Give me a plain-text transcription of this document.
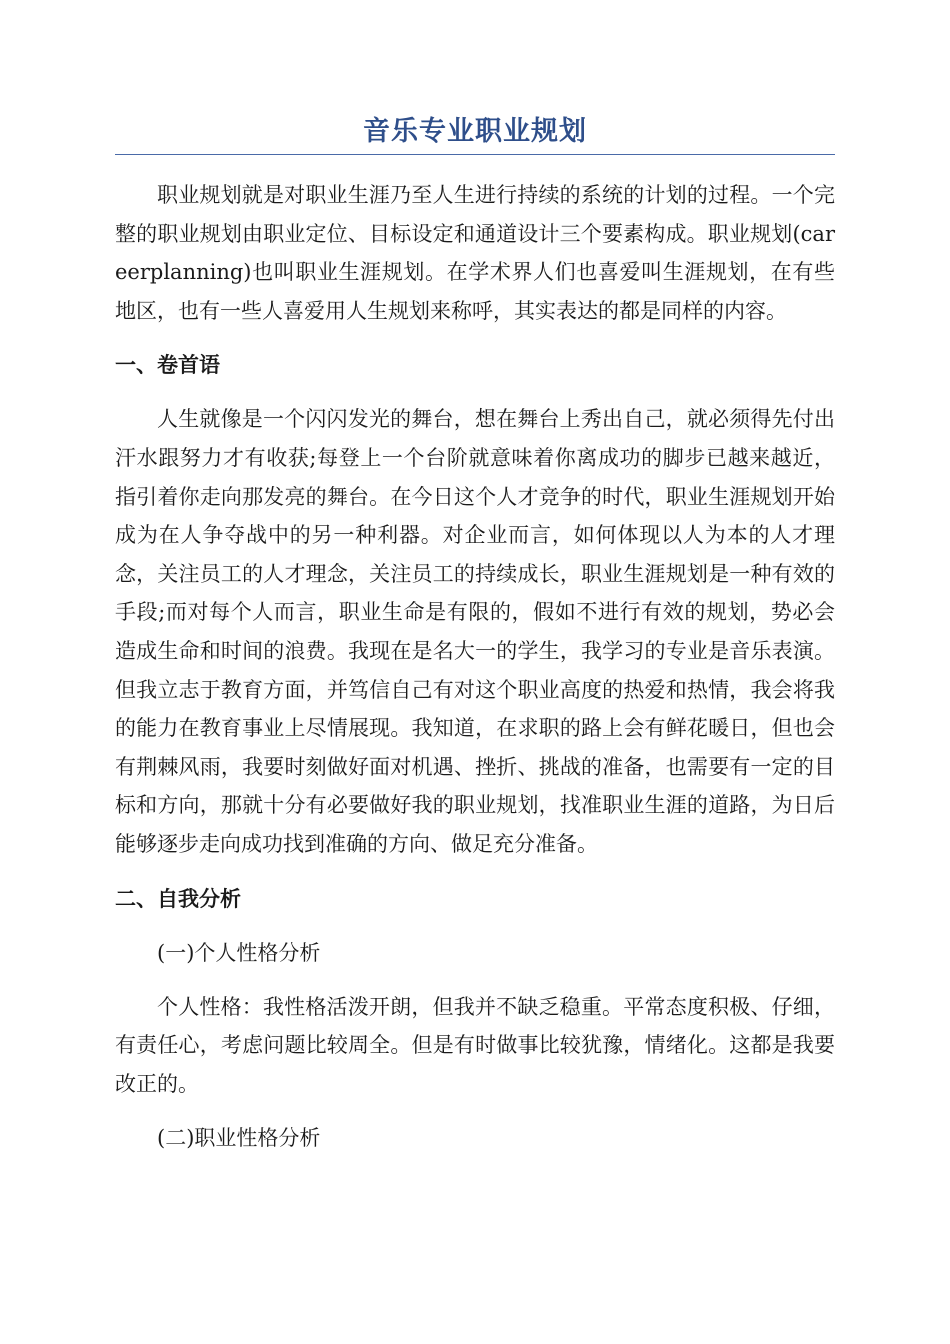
音乐专业职业规划

职业规划就是对职业生涯乃至人生进行持续的系统的计划的过程。一个完整的职业规划由职业定位、目标设定和通道设计三个要素构成。职业规划(careerplanning)也叫职业生涯规划。在学术界人们也喜爱叫生涯规划，在有些地区，也有一些人喜爱用人生规划来称呼，其实表达的都是同样的内容。

一、卷首语

人生就像是一个闪闪发光的舞台，想在舞台上秀出自己，就必须得先付出汗水跟努力才有收获;每登上一个台阶就意味着你离成功的脚步已越来越近，指引着你走向那发亮的舞台。在今日这个人才竞争的时代，职业生涯规划开始成为在人争夺战中的另一种利器。对企业而言，如何体现以人为本的人才理念，关注员工的人才理念，关注员工的持续成长，职业生涯规划是一种有效的手段;而对每个人而言，职业生命是有限的，假如不进行有效的规划，势必会造成生命和时间的浪费。我现在是名大一的学生，我学习的专业是音乐表演。但我立志于教育方面，并笃信自己有对这个职业高度的热爱和热情，我会将我的能力在教育事业上尽情展现。我知道，在求职的路上会有鲜花暖日，但也会有荆棘风雨，我要时刻做好面对机遇、挫折、挑战的准备，也需要有一定的目标和方向，那就十分有必要做好我的职业规划，找准职业生涯的道路，为日后能够逐步走向成功找到准确的方向、做足充分准备。

二、自我分析
(一)个人性格分析

个人性格：我性格活泼开朗，但我并不缺乏稳重。平常态度积极、仔细，有责任心，考虑问题比较周全。但是有时做事比较犹豫，情绪化。这都是我要改正的。

(二)职业性格分析
